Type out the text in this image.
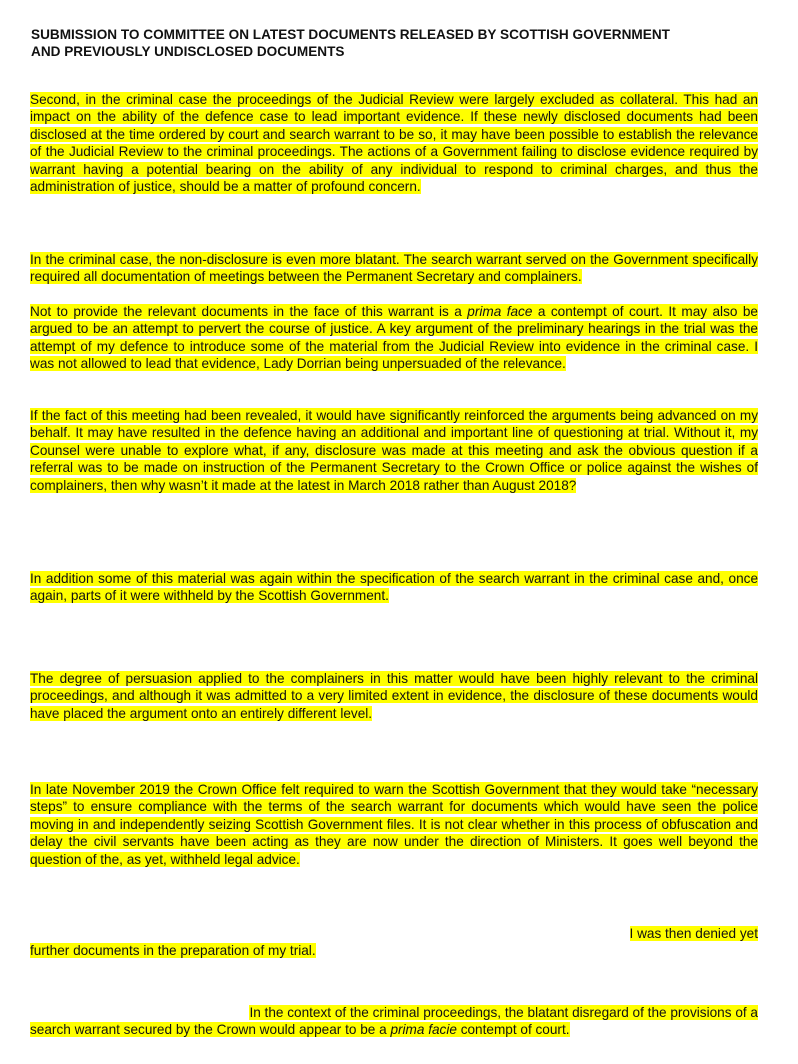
SUBMISSION TO COMMITTEE ON LATEST DOCUMENTS RELEASED BY SCOTTISH GOVERNMENT
AND PREVIOUSLY UNDISCLOSED DOCUMENTS

Second, in the criminal case the proceedings of the Judicial Review were largely excluded as collateral. This had an impact on the ability of the defence case to lead important evidence. If these newly disclosed documents had been disclosed at the time ordered by court and search warrant to be so, it may have been possible to establish the relevance of the Judicial Review to the criminal proceedings. The actions of a Government failing to disclose evidence required by warrant having a potential bearing on the ability of any individual to respond to criminal charges, and thus the administration of justice, should be a matter of profound concern.

In the criminal case, the non-disclosure is even more blatant. The search warrant served on the Government specifically required all documentation of meetings between the Permanent Secretary and complainers.

Not to provide the relevant documents in the face of this warrant is a prima face a contempt of court. It may also be argued to be an attempt to pervert the course of justice. A key argument of the preliminary hearings in the trial was the attempt of my defence to introduce some of the material from the Judicial Review into evidence in the criminal case. I was not allowed to lead that evidence, Lady Dorrian being unpersuaded of the relevance.

If the fact of this meeting had been revealed, it would have significantly reinforced the arguments being advanced on my behalf. It may have resulted in the defence having an additional and important line of questioning at trial. Without it, my Counsel were unable to explore what, if any, disclosure was made at this meeting and ask the obvious question if a referral was to be made on instruction of the Permanent Secretary to the Crown Office or police against the wishes of complainers, then why wasn’t it made at the latest in March 2018 rather than August 2018?

In addition some of this material was again within the specification of the search warrant in the criminal case and, once again, parts of it were withheld by the Scottish Government.

The degree of persuasion applied to the complainers in this matter would have been highly relevant to the criminal proceedings, and although it was admitted to a very limited extent in evidence, the disclosure of these documents would have placed the argument onto an entirely different level.

In late November 2019 the Crown Office felt required to warn the Scottish Government that they would take “necessary steps” to ensure compliance with the terms of the search warrant for documents which would have seen the police moving in and independently seizing Scottish Government files. It is not clear whether in this process of obfuscation and delay the civil servants have been acting as they are now under the direction of Ministers. It goes well beyond the question of the, as yet, withheld legal advice.

I was then denied yet

further documents in the preparation of my trial.

In the context of the criminal proceedings, the blatant disregard of the provisions of a

search warrant secured by the Crown would appear to be a prima facie contempt of court.
